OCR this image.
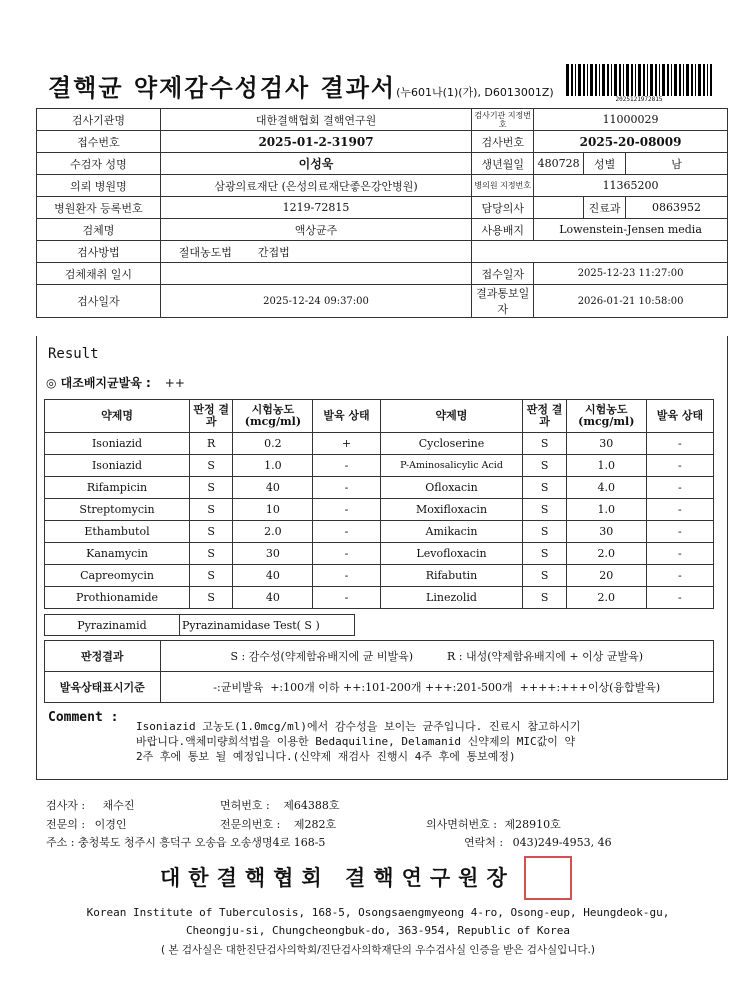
결핵균 약제감수성검사 결과서(누601나(1)(가), D6013001Z)
2025121972815
검사기관명	대한결핵협회 결핵연구원	검사기관 지정번호	11000029		
접수번호	2025-01-2-31907	검사번호	2025-20-08009		
수검자 성명	이성욱	생년월일	480728	성별	남
의뢰 병원명	삼광의료재단 (은성의료재단좋은강안병원)	병의원 지정번호	11365200		
병원환자 등록번호	1219-72815	담당의사		진료과	0863952
검체명	액상균주	사용배지	Lowenstein-Jensen media		
검사방법	절대농도법 간접법				
검체채취 일시		접수일자	2025-12-23 11:27:00		
검사일자	2025-12-24 09:37:00	결과통보일자	2026-01-21 10:58:00		
Result
◎ 대조배지균발육 : ++
약제명	판정 결과	시험농도 (mcg/ml)	발육 상태	약제명	판정 결과	시험농도 (mcg/ml)	발육 상태
Isoniazid	R	0.2	+	Cycloserine	S	30	-
Isoniazid	S	1.0	-	P-Aminosalicylic Acid	S	1.0	-
Rifampicin	S	40	-	Ofloxacin	S	4.0	-
Streptomycin	S	10	-	Moxifloxacin	S	1.0	-
Ethambutol	S	2.0	-	Amikacin	S	30	-
Kanamycin	S	30	-	Levofloxacin	S	2.0	-
Capreomycin	S	40	-	Rifabutin	S	20	-
Prothionamide	S	40	-	Linezolid	S	2.0	-
Pyrazinamid	Pyrazinamidase Test( S )
판정결과	S : 감수성(약제함유배지에 균 비발육) R : 내성(약제함유배지에 + 이상 균발육)
발육상태표시기준	-:균비발육  +:100개 이하 ++:101-200개 +++:201-500개  ++++:+++이상(융합발육)
Comment :
Isoniazid 고농도(1.0mcg/ml)에서 감수성을 보이는 균주입니다. 진료시 참고하시기
바랍니다.액체미량희석법을 이용한 Bedaquiline, Delamanid 신약제의 MIC값이 약
2주 후에 통보 될 예정입니다.(신약제 재검사 진행시 4주 후에 통보예정)
검사자 : 채수진	면허번호 : 제64388호
전문의 : 이경인	전문의번호 : 제282호	의사면허번호 : 제28910호
주소 : 충청북도 청주시 흥덕구 오송읍 오송생명4로 168-5	연락처 : 043)249-4953, 46
대한결핵협회 결핵연구원장
Korean Institute of Tuberculosis, 168-5, Osongsaengmyeong 4-ro, Osong-eup, Heungdeok-gu,
Cheongju-si, Chungcheongbuk-do, 363-954, Republic of Korea
( 본 검사실은 대한진단검사의학회/진단검사의학재단의 우수검사실 인증을 받은 검사실입니다.)
